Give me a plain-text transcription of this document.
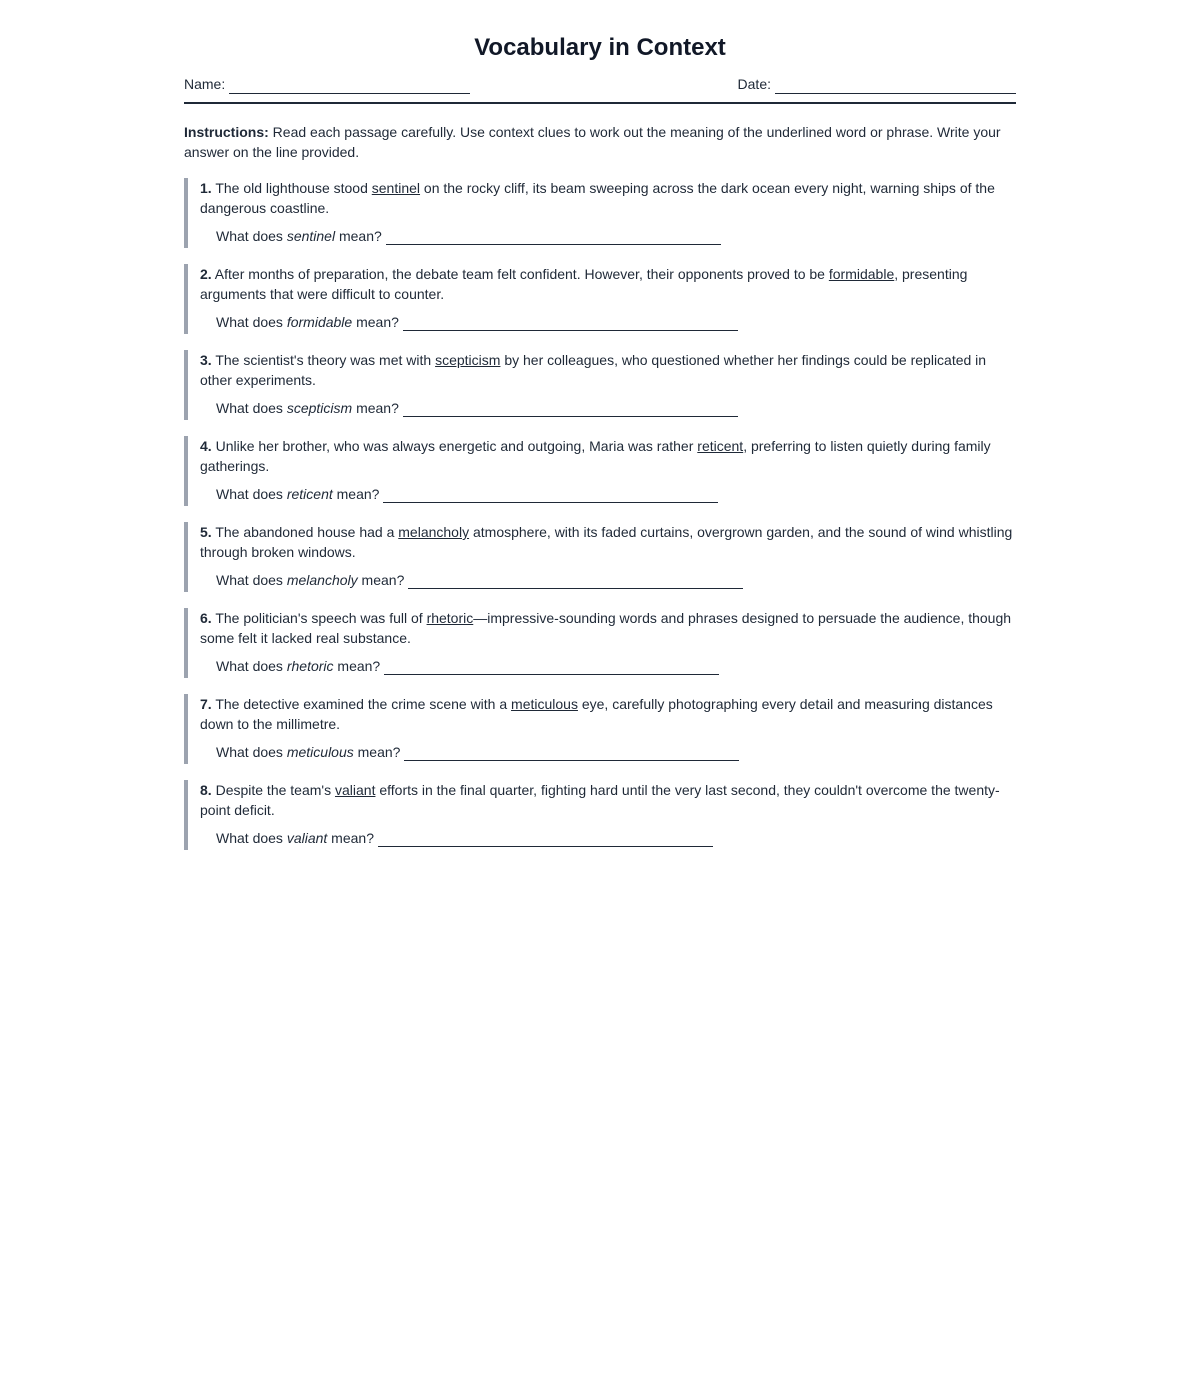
Vocabulary in Context
Name:	Date:
Instructions: Read each passage carefully. Use context clues to work out the meaning of the underlined word or phrase. Write your answer on the line provided.
1. The old lighthouse stood sentinel on the rocky cliff, its beam sweeping across the dark ocean every night, warning ships of the dangerous coastline.
What does sentinel mean?
2. After months of preparation, the debate team felt confident. However, their opponents proved to be formidable, presenting arguments that were difficult to counter.
What does formidable mean?
3. The scientist's theory was met with scepticism by her colleagues, who questioned whether her findings could be replicated in other experiments.
What does scepticism mean?
4. Unlike her brother, who was always energetic and outgoing, Maria was rather reticent, preferring to listen quietly during family gatherings.
What does reticent mean?
5. The abandoned house had a melancholy atmosphere, with its faded curtains, overgrown garden, and the sound of wind whistling through broken windows.
What does melancholy mean?
6. The politician's speech was full of rhetoric—impressive-sounding words and phrases designed to persuade the audience, though some felt it lacked real substance.
What does rhetoric mean?
7. The detective examined the crime scene with a meticulous eye, carefully photographing every detail and measuring distances down to the millimetre.
What does meticulous mean?
8. Despite the team's valiant efforts in the final quarter, fighting hard until the very last second, they couldn't overcome the twenty-point deficit.
What does valiant mean?
